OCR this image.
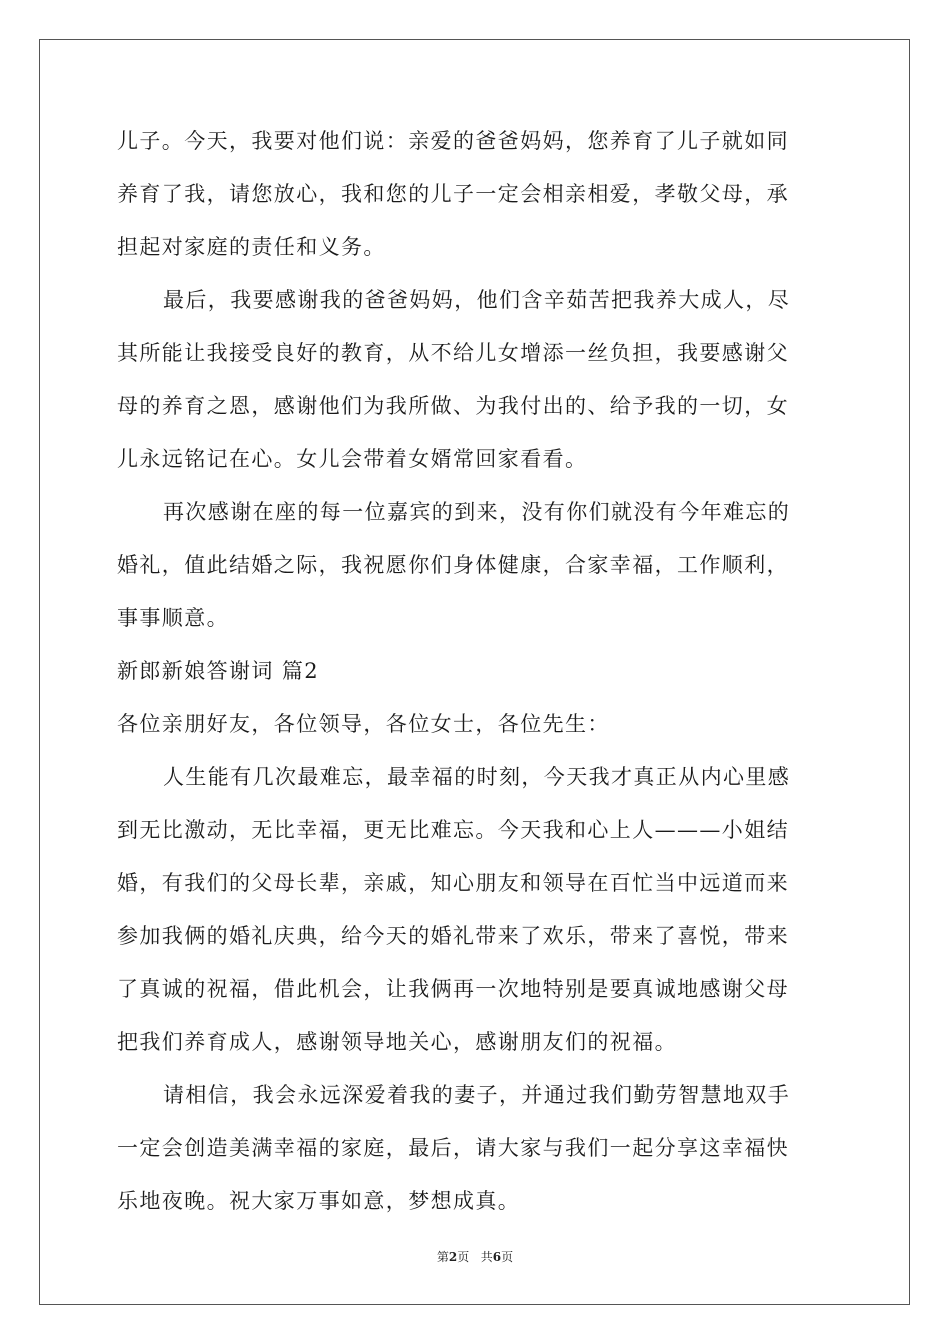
儿子。今天，我要对他们说：亲爱的爸爸妈妈，您养育了儿子就如同
养育了我，请您放心，我和您的儿子一定会相亲相爱，孝敬父母，承
担起对家庭的责任和义务。
最后，我要感谢我的爸爸妈妈，他们含辛茹苦把我养大成人，尽
其所能让我接受良好的教育，从不给儿女增添一丝负担，我要感谢父
母的养育之恩，感谢他们为我所做、为我付出的、给予我的一切，女
儿永远铭记在心。女儿会带着女婿常回家看看。
再次感谢在座的每一位嘉宾的到来，没有你们就没有今年难忘的
婚礼，值此结婚之际，我祝愿你们身体健康，合家幸福，工作顺利，
事事顺意。
新郎新娘答谢词 篇2
各位亲朋好友，各位领导，各位女士，各位先生：
人生能有几次最难忘，最幸福的时刻，今天我才真正从内心里感
到无比激动，无比幸福，更无比难忘。今天我和心上人———小姐结
婚，有我们的父母长辈，亲戚，知心朋友和领导在百忙当中远道而来
参加我俩的婚礼庆典，给今天的婚礼带来了欢乐，带来了喜悦，带来
了真诚的祝福，借此机会，让我俩再一次地特别是要真诚地感谢父母
把我们养育成人，感谢领导地关心，感谢朋友们的祝福。
请相信，我会永远深爱着我的妻子，并通过我们勤劳智慧地双手
一定会创造美满幸福的家庭，最后，请大家与我们一起分享这幸福快
乐地夜晚。祝大家万事如意，梦想成真。
第2页 共6页
